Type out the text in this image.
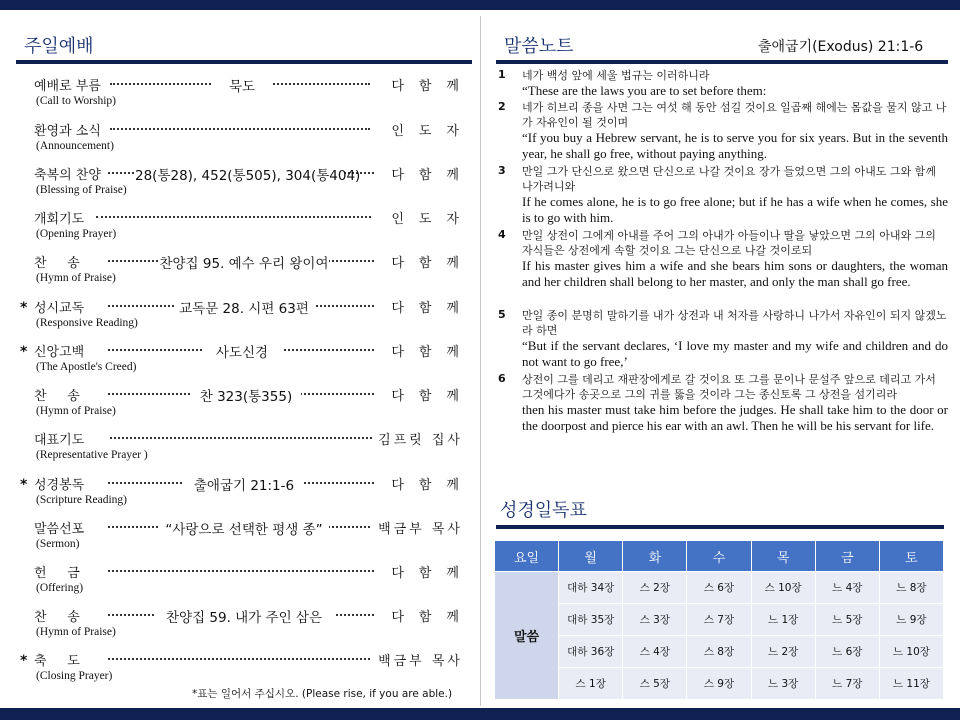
주일예배
예배로 부름
(Call to Worship)
묵도	다함께
환영과 소식
(Announcement)
인도자
축복의 찬양
(Blessing of Praise)
28(통28), 452(통505), 304(통404) 다함께
개회기도
(Opening Prayer)
인도자
찬     송
(Hymn of Praise)
찬양집 95. 예수 우리 왕이여	다함께
* 성시교독
(Responsive Reading)
교독문 28. 시편 63편	다함께
* 신앙고백
(The Apostle's Creed)
사도신경	다함께
찬     송
(Hymn of Praise)
찬 323(통355)	다함께
대표기도
(Representative Prayer )
김프릿 집사
* 성경봉독
(Scripture Reading)
출애굽기 21:1-6	다함께
말씀선포
(Sermon)
“사랑으로 선택한 평생 종”	백금부 목사
헌     금
(Offering)
다함께
찬     송
(Hymn of Praise)
찬양집 59. 내가 주인 삼은	다함께
* 축     도
(Closing Prayer)
백금부 목사
*표는 일어서 주십시오. (Please rise, if you are able.)
말씀노트	출애굽기(Exodus) 21:1-6
1 네가 백성 앞에 세울 법규는 이러하니라
“These are the laws you are to set before them:
2 네가 히브리 종을 사면 그는 여섯 해 동안 섬길 것이요 일곱째 해에는 몸값을 물지 않고 나가 자유인이 될 것이며
“If you buy a Hebrew servant, he is to serve you for six years. But in the seventh year, he shall go free, without paying anything.
3 만일 그가 단신으로 왔으면 단신으로 나갈 것이요 장가 들었으면 그의 아내도 그와 함께 나가려니와
If he comes alone, he is to go free alone; but if he has a wife when he comes, she is to go with him.
4 만일 상전이 그에게 아내를 주어 그의 아내가 아들이나 딸을 낳았으면 그의 아내와 그의 자식들은 상전에게 속할 것이요 그는 단신으로 나갈 것이로되
If his master gives him a wife and she bears him sons or daughters, the woman and her children shall belong to her master, and only the man shall go free.
5 만일 종이 분명히 말하기를 내가 상전과 내 처자를 사랑하니 나가서 자유인이 되지 않겠노라 하면
“But if the servant declares, ‘I love my master and my wife and children and do not want to go free,’
6 상전이 그를 데리고 재판장에게로 갈 것이요 또 그를 문이나 문설주 앞으로 데리고 가서 그것에다가 송곳으로 그의 귀를 뚫을 것이라 그는 종신토록 그 상전을 섬기리라
then his master must take him before the judges. He shall take him to the door or the doorpost and pierce his ear with an awl. Then he will be his servant for life.
성경일독표
요일	월	화	수	목	금	토
말씀	대하 34장	스 2장	스 6장	스 10장	느 4장	느 8장
	대하 35장	스 3장	스 7장	느 1장	느 5장	느 9장
	대하 36장	스 4장	스 8장	느 2장	느 6장	느 10장
	스 1장	스 5장	스 9장	느 3장	느 7장	느 11장
